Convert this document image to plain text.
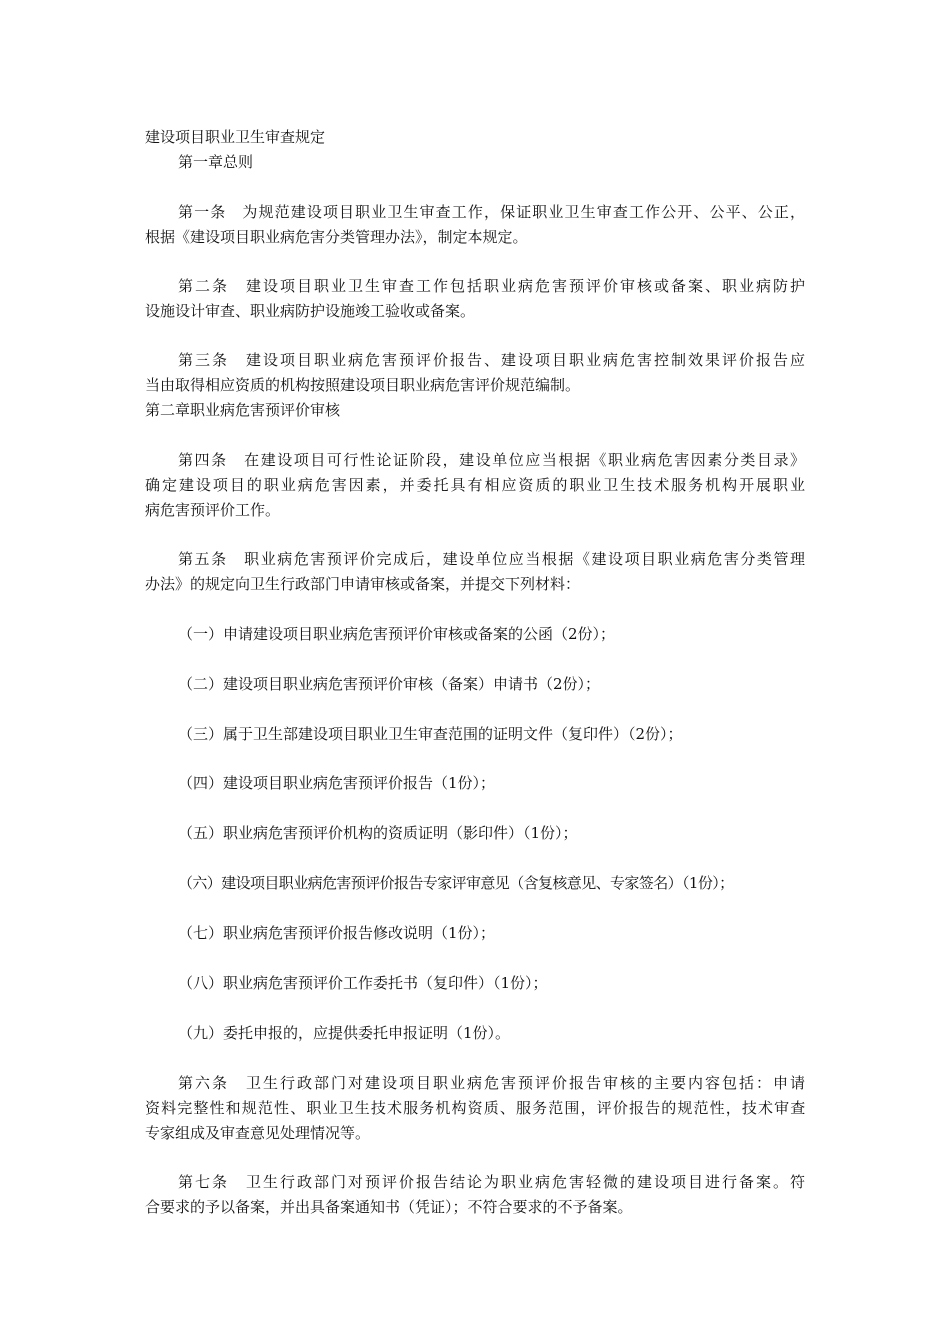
建设项目职业卫生审查规定
第一章总则
第一条　为规范建设项目职业卫生审查工作，保证职业卫生审查工作公开、公平、公正，
根据《建设项目职业病危害分类管理办法》，制定本规定。
第二条　建设项目职业卫生审查工作包括职业病危害预评价审核或备案、职业病防护
设施设计审查、职业病防护设施竣工验收或备案。
第三条　建设项目职业病危害预评价报告、建设项目职业病危害控制效果评价报告应
当由取得相应资质的机构按照建设项目职业病危害评价规范编制。
第二章职业病危害预评价审核
第四条　在建设项目可行性论证阶段，建设单位应当根据《职业病危害因素分类目录》
确定建设项目的职业病危害因素，并委托具有相应资质的职业卫生技术服务机构开展职业
病危害预评价工作。
第五条　职业病危害预评价完成后，建设单位应当根据《建设项目职业病危害分类管理
办法》的规定向卫生行政部门申请审核或备案，并提交下列材料：
（一）申请建设项目职业病危害预评价审核或备案的公函（2份）；
（二）建设项目职业病危害预评价审核（备案）申请书（2份）；
（三）属于卫生部建设项目职业卫生审查范围的证明文件（复印件）（2份）；
（四）建设项目职业病危害预评价报告（1份）；
（五）职业病危害预评价机构的资质证明（影印件）（1份）；
（六）建设项目职业病危害预评价报告专家评审意见（含复核意见、专家签名）（1份）；
（七）职业病危害预评价报告修改说明（1份）；
（八）职业病危害预评价工作委托书（复印件）（1份）；
（九）委托申报的，应提供委托申报证明（1份）。
第六条　卫生行政部门对建设项目职业病危害预评价报告审核的主要内容包括：申请
资料完整性和规范性、职业卫生技术服务机构资质、服务范围，评价报告的规范性，技术审查
专家组成及审查意见处理情况等。
第七条　卫生行政部门对预评价报告结论为职业病危害轻微的建设项目进行备案。符
合要求的予以备案，并出具备案通知书（凭证）；不符合要求的不予备案。
